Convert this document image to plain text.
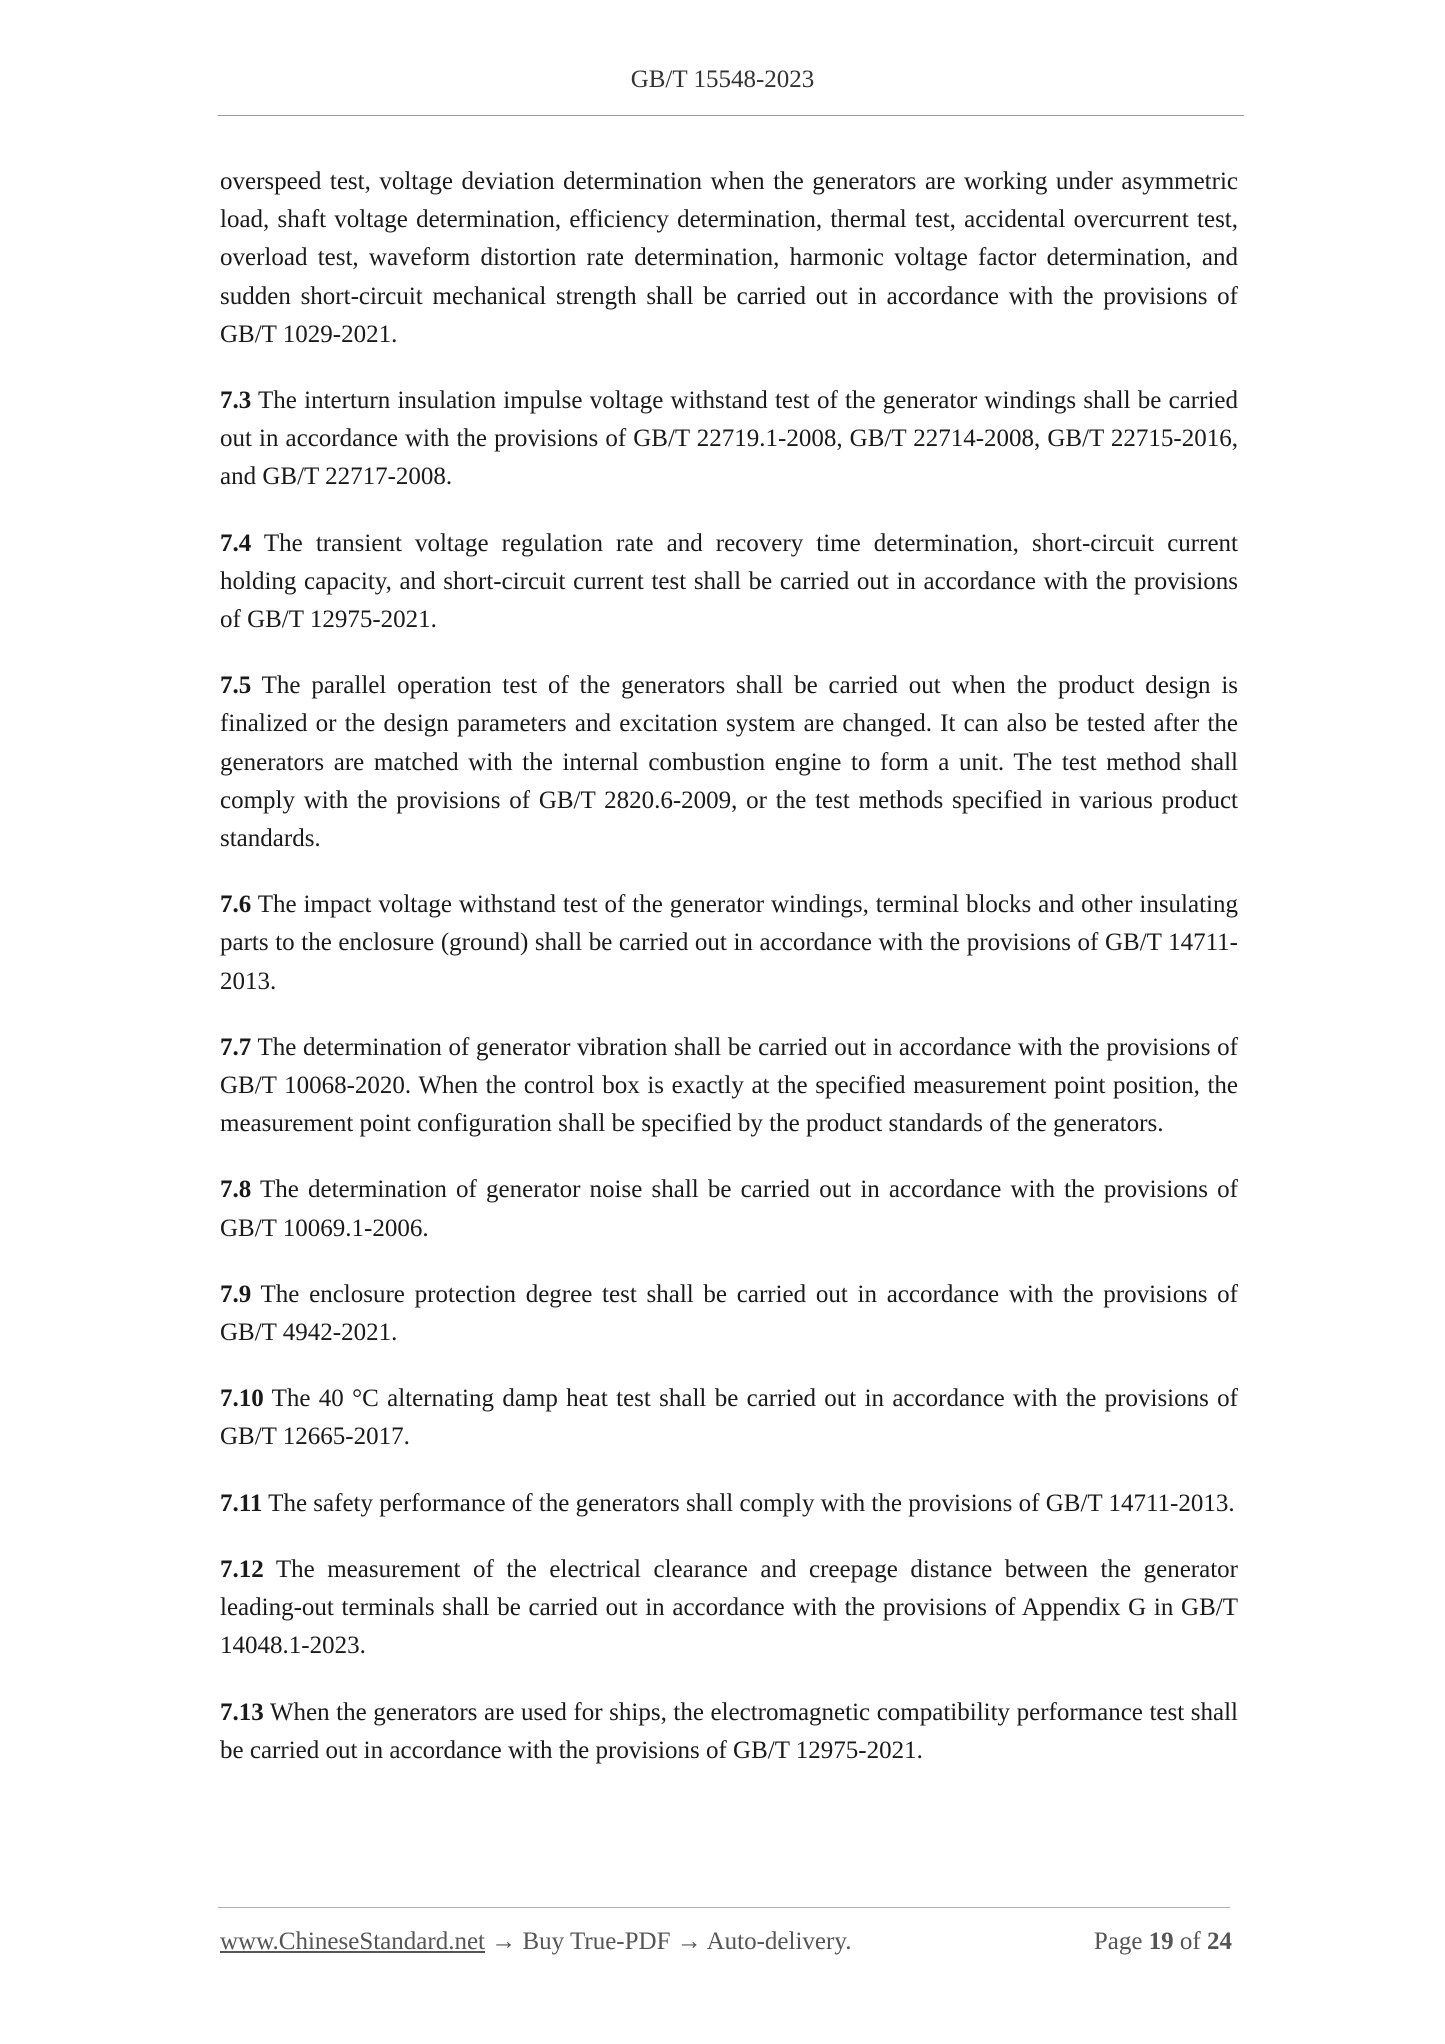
GB/T 15548-2023

overspeed test, voltage deviation determination when the generators are working under asymmetric load, shaft voltage determination, efficiency determination, thermal test, accidental overcurrent test, overload test, waveform distortion rate determination, harmonic voltage factor determination, and sudden short-circuit mechanical strength shall be carried out in accordance with the provisions of GB/T 1029-2021.

7.3 The interturn insulation impulse voltage withstand test of the generator windings shall be carried out in accordance with the provisions of GB/T 22719.1-2008, GB/T 22714-2008, GB/T 22715-2016, and GB/T 22717-2008.

7.4 The transient voltage regulation rate and recovery time determination, short-circuit current holding capacity, and short-circuit current test shall be carried out in accordance with the provisions of GB/T 12975-2021.

7.5 The parallel operation test of the generators shall be carried out when the product design is finalized or the design parameters and excitation system are changed. It can also be tested after the generators are matched with the internal combustion engine to form a unit. The test method shall comply with the provisions of GB/T 2820.6-2009, or the test methods specified in various product standards.

7.6 The impact voltage withstand test of the generator windings, terminal blocks and other insulating parts to the enclosure (ground) shall be carried out in accordance with the provisions of GB/T 14711-2013.

7.7 The determination of generator vibration shall be carried out in accordance with the provisions of GB/T 10068-2020. When the control box is exactly at the specified measurement point position, the measurement point configuration shall be specified by the product standards of the generators.

7.8 The determination of generator noise shall be carried out in accordance with the provisions of GB/T 10069.1-2006.

7.9 The enclosure protection degree test shall be carried out in accordance with the provisions of GB/T 4942-2021.

7.10 The 40 °C alternating damp heat test shall be carried out in accordance with the provisions of GB/T 12665-2017.

7.11 The safety performance of the generators shall comply with the provisions of GB/T 14711-2013.

7.12 The measurement of the electrical clearance and creepage distance between the generator leading-out terminals shall be carried out in accordance with the provisions of Appendix G in GB/T 14048.1-2023.

7.13 When the generators are used for ships, the electromagnetic compatibility performance test shall be carried out in accordance with the provisions of GB/T 12975-2021.

www.ChineseStandard.net → Buy True-PDF → Auto-delivery.	Page 19 of 24
